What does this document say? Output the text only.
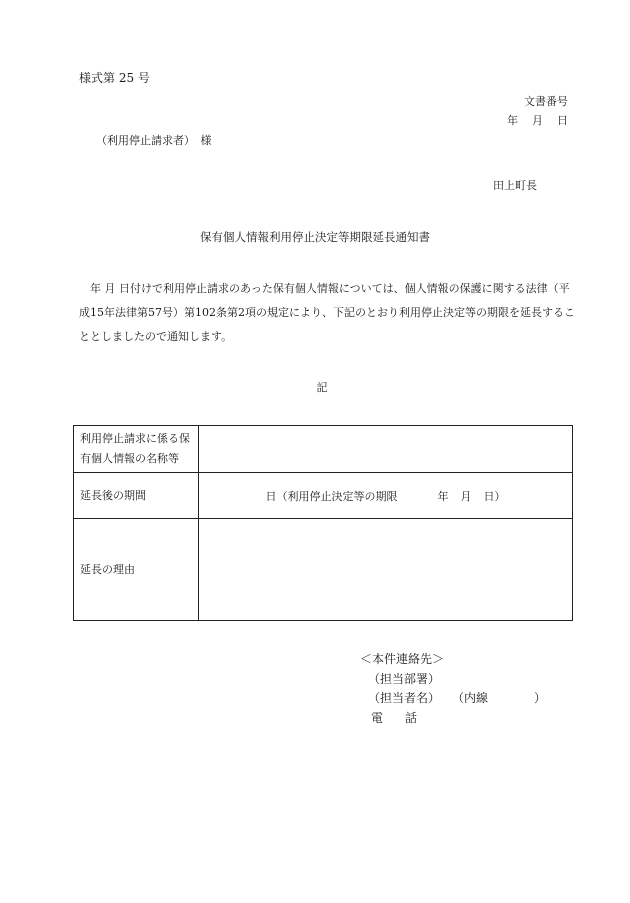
様式第 25 号
文書番号
年 月 日
（利用停止請求者）　様
田上町長
保有個人情報利用停止決定等期限延長通知書
　年 月 日付けで利用停止請求のあった保有個人情報については、個人情報の保護に関する法律（平
成15年法律第57号）第102条第2項の規定により、下記のとおり利用停止決定等の期限を延長するこ
ととしましたので通知します。
記
利用停止請求に係る保
有個人情報の名称等	

延長後の期間	日（利用停止決定等の期限 年 月 日）
延長の理由	
＜本件連絡先＞
（担当部署）
（担当者名） （内線	）
電 話
